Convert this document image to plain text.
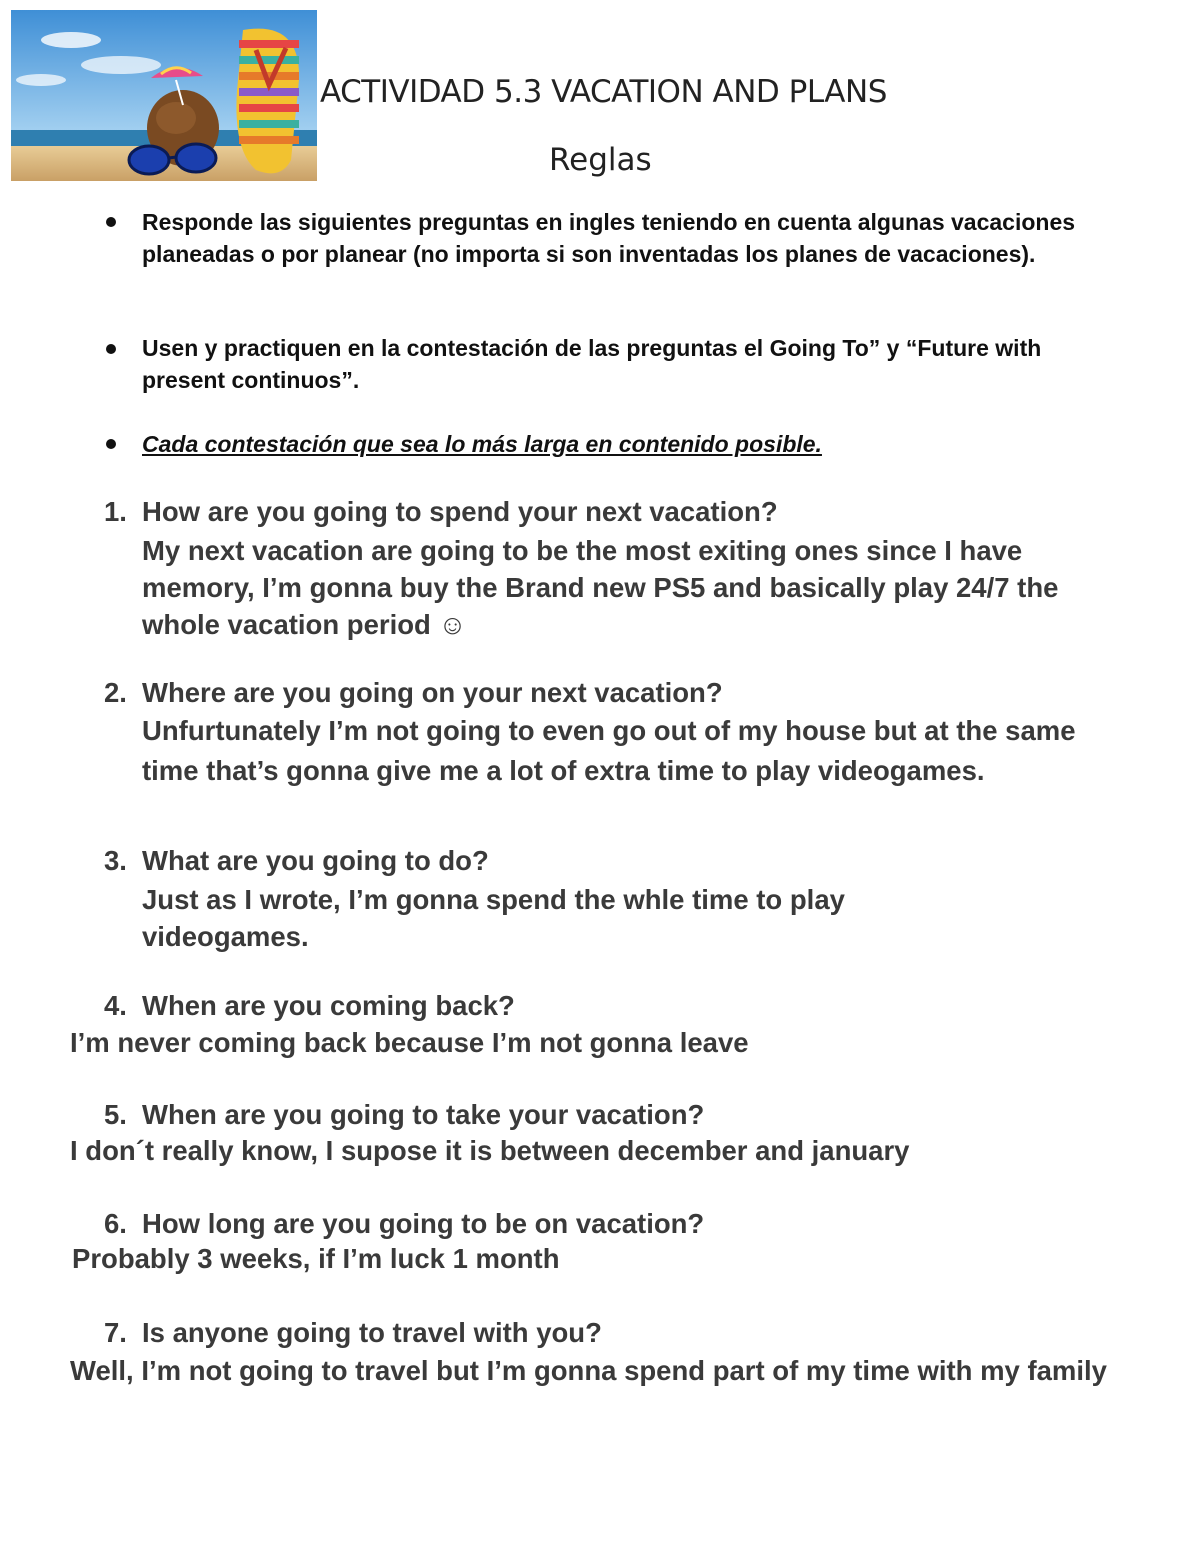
ACTIVIDAD 5.3 VACATION AND PLANS
Reglas
Responde las siguientes preguntas en ingles teniendo en cuenta algunas vacaciones planeadas o por planear (no importa si son inventadas los planes de vacaciones).
Usen y practiquen en la contestación de las preguntas el Going To” y “Future with present continuos”.
Cada contestación que sea lo más larga en contenido posible.
1. How are you going to spend your next vacation?
My next vacation are going to be the most exiting ones since I have memory, I’m gonna buy the Brand new PS5 and basically play 24/7 the whole vacation period ☺
2. Where are you going on your next vacation?
Unfurtunately I’m not going to even go out of my house but at the same time that’s gonna give me a lot of extra time to play videogames.
3. What are you going to do?
Just as I wrote, I’m gonna spend the whle time to play videogames.
4. When are you coming back?
I’m never coming back because I’m not gonna leave
5. When are you going to take your vacation?
I don´t really know, I supose it is between december and january
6. How long are you going to be on vacation?
Probably 3 weeks, if I’m luck 1 month
7. Is anyone going to travel with you?
Well, I’m not going to travel but I’m gonna spend part of my time with my family
